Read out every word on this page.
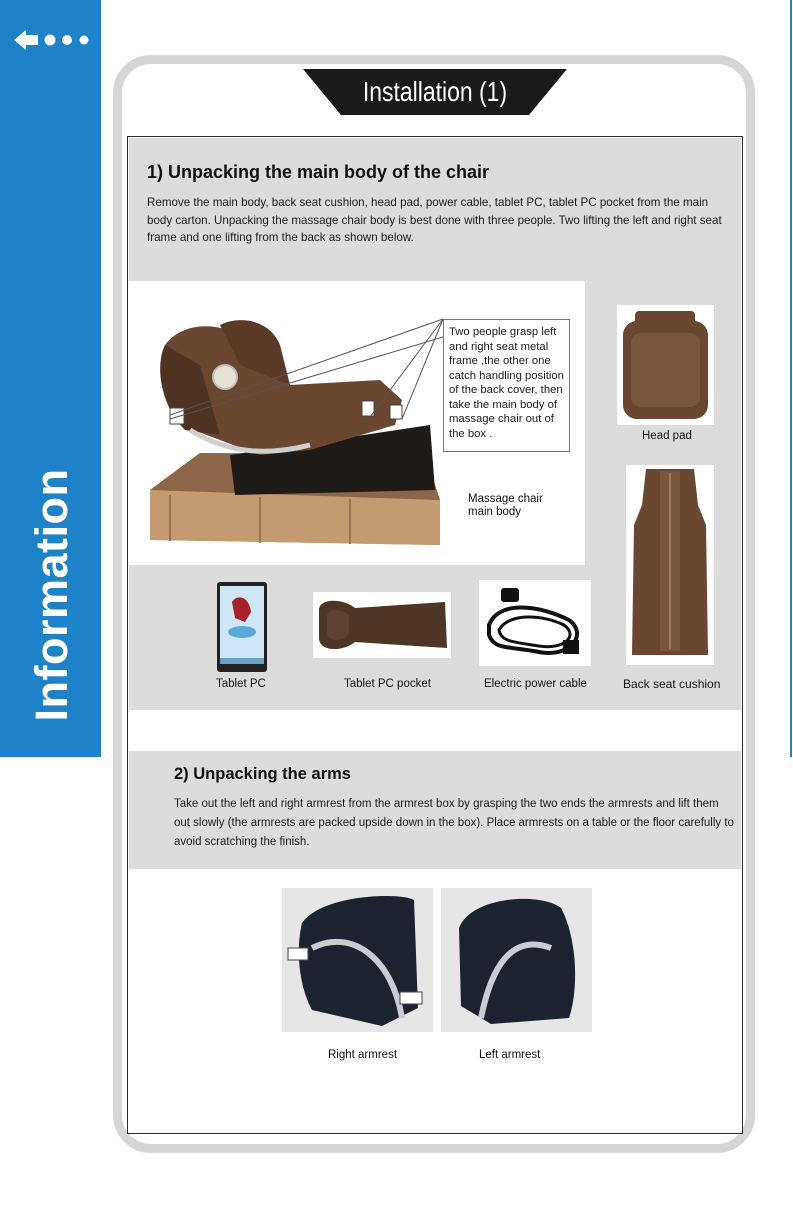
Information
Installation (1)
1) Unpacking the main body of the chair
Remove the main body, back seat cushion, head pad, power cable, tablet PC, tablet PC pocket from the main body carton. Unpacking the massage chair body is best done with three people. Two lifting the left and right seat frame and one lifting from the back as shown below.
Two people grasp left and right seat metal frame ,the other one catch handling position of the back cover, then take the main body of massage chair out of the box .
Massage chair main body
Head pad
Back seat cushion
Tablet PC	Tablet PC pocket	Electric power cable
2) Unpacking the arms
Take out the left and right armrest from the armrest box by grasping the two ends the armrests and lift them out slowly (the armrests are packed upside down in the box). Place armrests on a table or the floor carefully to avoid scratching the finish.
Right armrest	Left armrest
